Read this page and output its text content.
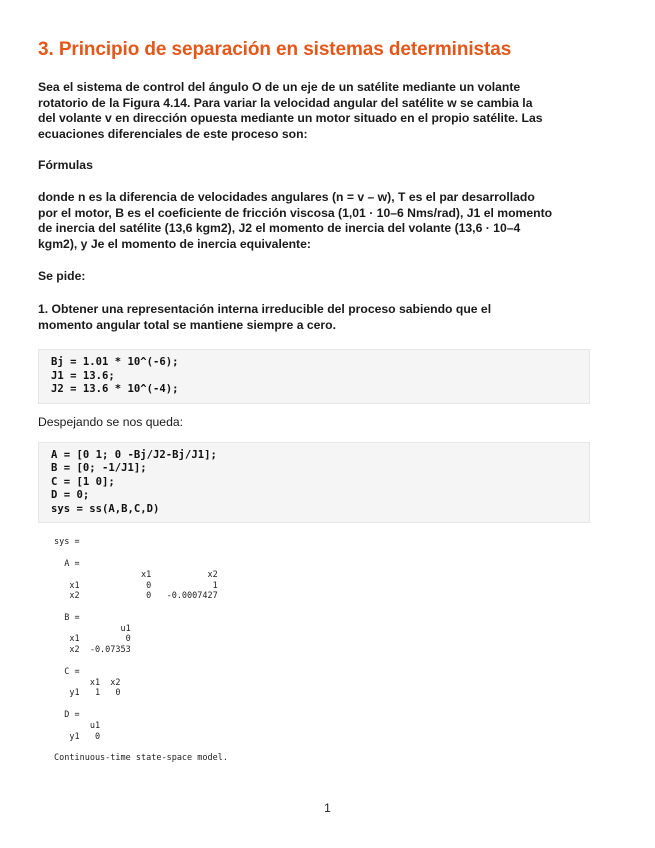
3. Principio de separación en sistemas deterministas

Sea el sistema de control del ángulo O de un eje de un satélite mediante un volante
rotatorio de la Figura 4.14. Para variar la velocidad angular del satélite w se cambia la
del volante v en dirección opuesta mediante un motor situado en el propio satélite. Las
ecuaciones diferenciales de este proceso son:

Fórmulas

donde n es la diferencia de velocidades angulares (n = v – w), T es el par desarrollado
por el motor, B es el coeficiente de fricción viscosa (1,01 · 10–6 Nms/rad), J1 el momento
de inercia del satélite (13,6 kgm2), J2 el momento de inercia del volante (13,6 · 10–4
kgm2), y Je el momento de inercia equivalente:

Se pide:

1. Obtener una representación interna irreducible del proceso sabiendo que el
momento angular total se mantiene siempre a cero.

Bj = 1.01 * 10^(-6);
J1 = 13.6;
J2 = 13.6 * 10^(-4);

Despejando se nos queda:

A = [0 1; 0 -Bj/J2-Bj/J1];
B = [0; -1/J1];
C = [1 0];
D = 0;
sys = ss(A,B,C,D)
sys =

A =
x1           x2
x1             0            1
x2             0   -0.0007427

B =
u1
x1         0
x2  -0.07353

C =
x1  x2
y1   1   0

D =
u1
y1   0

Continuous-time state-space model.
1
